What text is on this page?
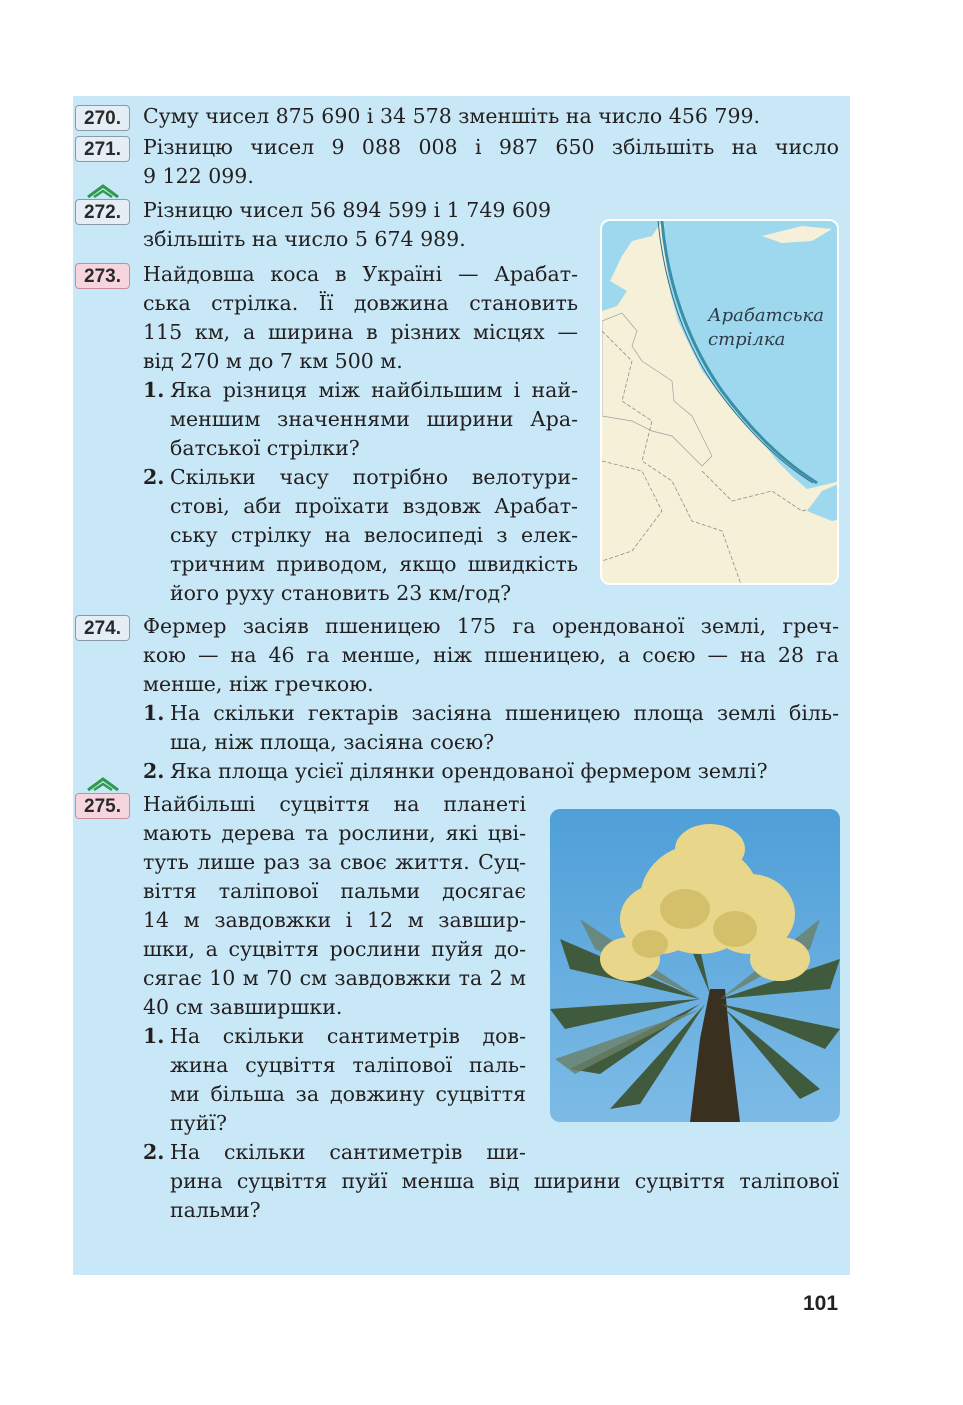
270.	Суму чисел 875 690 і 34 578 зменшіть на число 456 799.

271.	Різницю чисел 9 088 008 і 987 650 збільшіть на число

9 122 099.

272.	Різницю чисел 56 894 599 і 1 749 609

збільшіть на число 5 674 989.

Арабатська
стрілка
273.	Найдовша коса в Україні — Арабат-

ська стрілка. Її довжина становить

115 км, а ширина в різних місцях —

від 270 м до 7 км 500 м.

1. Яка різниця між найбільшим і най-

меншим значеннями ширини Ара-

батської стрілки?

2. Скільки часу потрібно велотури-

стові, аби проїхати вздовж Арабат-

ську стрілку на велосипеді з елек-

тричним приводом, якщо швидкість

його руху становить 23 км/год?

274.	Фермер засіяв пшеницею 175 га орендованої землі, греч-

кою — на 46 га менше, ніж пшеницею, а соєю — на 28 га

менше, ніж гречкою.

1. На скільки гектарів засіяна пшеницею площа землі біль-

ша, ніж площа, засіяна соєю?

2. Яка площа усієї ділянки орендованої фермером землі?

275.	Найбільші суцвіття на планеті

мають дерева та рослини, які цві-

туть лише раз за своє життя. Суц-

віття таліпової пальми досягає

14 м завдовжки і 12 м завшир-

шки, а суцвіття рослини пуйя до-

сягає 10 м 70 см завдовжки та 2 м

40 см завширшки.

1. На скільки сантиметрів дов-

жина суцвіття таліпової паль-

ми більша за довжину суцвіття

пуйї?

2. На скільки сантиметрів ши-

рина суцвіття пуйї менша від ширини суцвіття таліпової

пальми?

101
